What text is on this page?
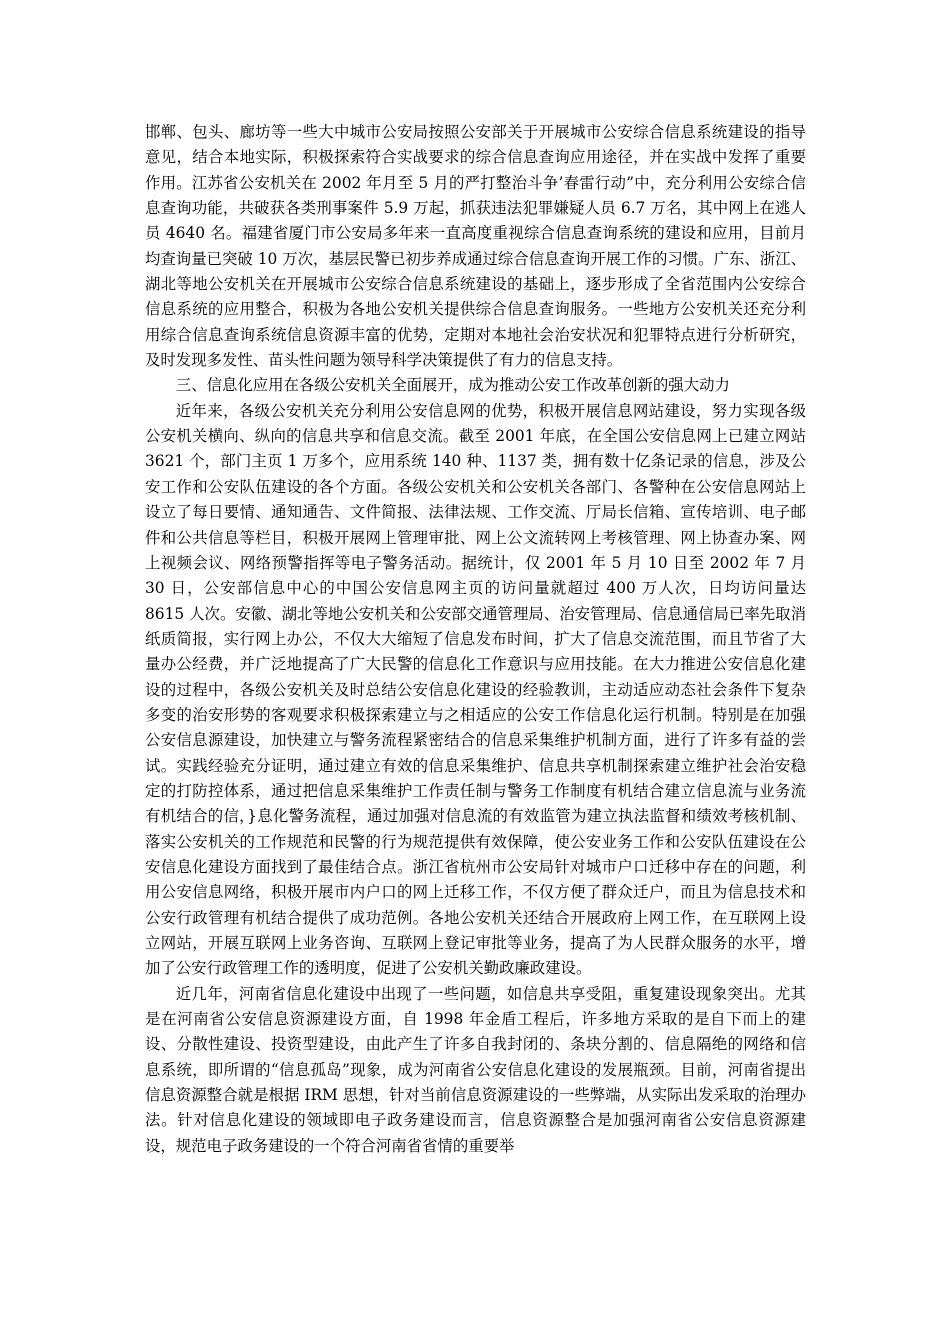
邯郸、包头、廊坊等一些大中城市公安局按照公安部关于开展城市公安综合信息系统建设的指导意见，结合本地实际，积极探索符合实战要求的综合信息查询应用途径，并在实战中发挥了重要作用。江苏省公安机关在 2002 年月至 5 月的严打整治斗争’春雷行动”中，充分利用公安综合信息查询功能，共破获各类刑事案件 5.9 万起，抓获违法犯罪嫌疑人员 6.7 万名，其中网上在逃人员 4640 名。福建省厦门市公安局多年来一直高度重视综合信息查询系统的建设和应用，目前月均查询量已突破 10 万次，基层民警已初步养成通过综合信息查询开展工作的习惯。广东、浙江、湖北等地公安机关在开展城市公安综合信息系统建设的基础上，逐步形成了全省范围内公安综合信息系统的应用整合，积极为各地公安机关提供综合信息查询服务。一些地方公安机关还充分利用综合信息查询系统信息资源丰富的优势，定期对本地社会治安状况和犯罪特点进行分析研究，及时发现多发性、苗头性问题为领导科学决策提供了有力的信息支持。

三、信息化应用在各级公安机关全面展开，成为推动公安工作改革创新的强大动力

近年来，各级公安机关充分利用公安信息网的优势，积极开展信息网站建设，努力实现各级公安机关横向、纵向的信息共享和信息交流。截至 2001 年底，在全国公安信息网上已建立网站 3621 个，部门主页 1 万多个，应用系统 140 种、1137 类，拥有数十亿条记录的信息，涉及公安工作和公安队伍建设的各个方面。各级公安机关和公安机关各部门、各警种在公安信息网站上设立了每日要情、通知通告、文件简报、法律法规、工作交流、厅局长信箱、宣传培训、电子邮件和公共信息等栏目，积极开展网上管理审批、网上公文流转网上考核管理、网上协查办案、网上视频会议、网络预警指挥等电子警务活动。据统计，仅 2001 年 5 月 10 日至 2002 年 7 月 30 日，公安部信息中心的中国公安信息网主页的访问量就超过 400 万人次，日均访问量达 8615 人次。安徽、湖北等地公安机关和公安部交通管理局、治安管理局、信息通信局已率先取消纸质简报，实行网上办公，不仅大大缩短了信息发布时间，扩大了信息交流范围，而且节省了大量办公经费，并广泛地提高了广大民警的信息化工作意识与应用技能。在大力推进公安信息化建设的过程中，各级公安机关及时总结公安信息化建设的经验教训，主动适应动态社会条件下复杂多变的治安形势的客观要求积极探索建立与之相适应的公安工作信息化运行机制。特别是在加强公安信息源建设，加快建立与警务流程紧密结合的信息采集维护机制方面，进行了许多有益的尝试。实践经验充分证明，通过建立有效的信息采集维护、信息共享机制探索建立维护社会治安稳定的打防控体系，通过把信息采集维护工作责任制与警务工作制度有机结合建立信息流与业务流有机结合的信，}息化警务流程，通过加强对信息流的有效监管为建立执法监督和绩效考核机制、落实公安机关的工作规范和民警的行为规范提供有效保障，使公安业务工作和公安队伍建设在公安信息化建设方面找到了最佳结合点。浙江省杭州市公安局针对城市户口迁移中存在的问题，利用公安信息网络，积极开展市内户口的网上迁移工作，不仅方便了群众迁户，而且为信息技术和公安行政管理有机结合提供了成功范例。各地公安机关还结合开展政府上网工作，在互联网上设立网站，开展互联网上业务咨询、互联网上登记审批等业务，提高了为人民群众服务的水平，增加了公安行政管理工作的透明度，促进了公安机关勤政廉政建设。

近几年，河南省信息化建设中出现了一些问题，如信息共享受阻，重复建设现象突出。尤其是在河南省公安信息资源建设方面，自 1998 年金盾工程后，许多地方采取的是自下而上的建设、分散性建设、投资型建设，由此产生了许多自我封闭的、条块分割的、信息隔绝的网络和信息系统，即所谓的“信息孤岛”现象，成为河南省公安信息化建设的发展瓶颈。目前，河南省提出信息资源整合就是根据 IRM 思想，针对当前信息资源建设的一些弊端，从实际出发采取的治理办法。针对信息化建设的领域即电子政务建设而言，信息资源整合是加强河南省公安信息资源建设，规范电子政务建设的一个符合河南省省情的重要举
